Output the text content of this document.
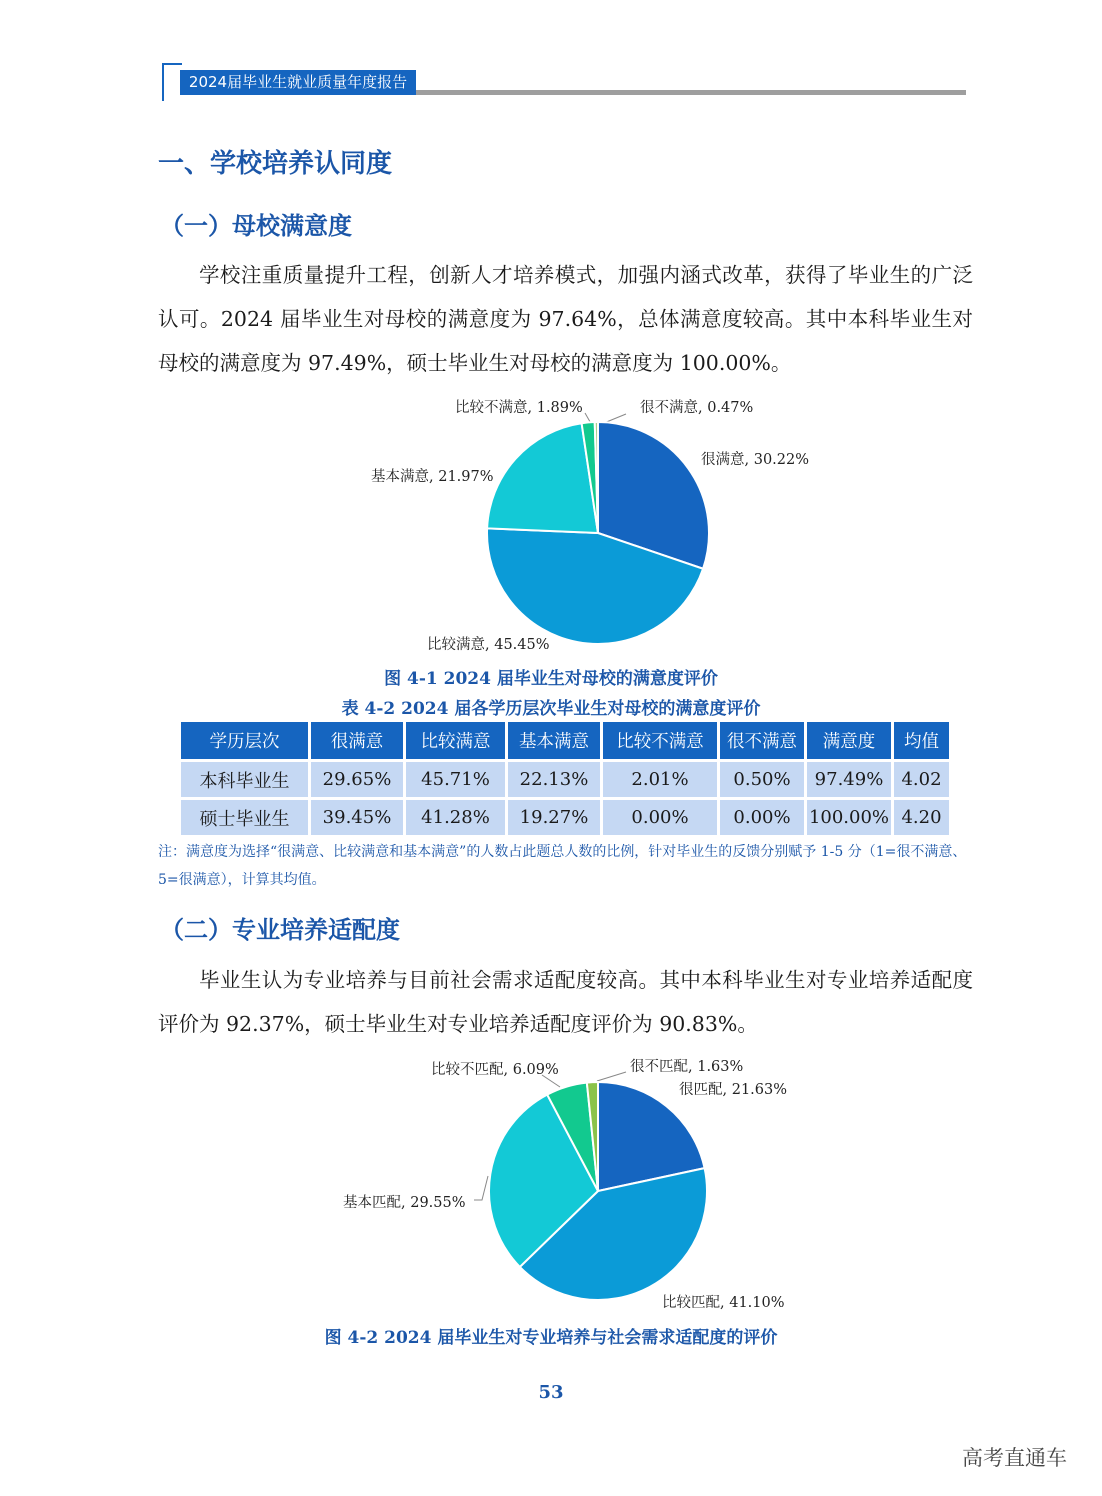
2024届毕业生就业质量年度报告
一、学校培养认同度
（一）母校满意度
学校注重质量提升工程，创新人才培养模式，加强内涵式改革，获得了毕业生的广泛认可。2024 届毕业生对母校的满意度为 97.64%，总体满意度较高。其中本科毕业生对母校的满意度为 97.49%，硕士毕业生对母校的满意度为 100.00%。
比较不满意, 1.89%	很不满意, 0.47%
很满意, 30.22%
基本满意, 21.97%
比较满意, 45.45%
图 4-1 2024 届毕业生对母校的满意度评价
表 4-2 2024 届各学历层次毕业生对母校的满意度评价
学历层次	很满意	比较满意	基本满意	比较不满意	很不满意	满意度	均值
本科毕业生	29.65%	45.71%	22.13%	2.01%	0.50%	97.49%	4.02
硕士毕业生	39.45%	41.28%	19.27%	0.00%	0.00%	100.00%	4.20
注：满意度为选择“很满意、比较满意和基本满意”的人数占此题总人数的比例，针对毕业生的反馈分别赋予 1-5 分（1=很不满意、5=很满意），计算其均值。
（二）专业培养适配度
毕业生认为专业培养与目前社会需求适配度较高。其中本科毕业生对专业培养适配度评价为 92.37%，硕士毕业生对专业培养适配度评价为 90.83%。
比较不匹配, 6.09%	很不匹配, 1.63%
很匹配, 21.63%
基本匹配, 29.55%
比较匹配, 41.10%
图 4-2 2024 届毕业生对专业培养与社会需求适配度的评价
53
高考直通车
